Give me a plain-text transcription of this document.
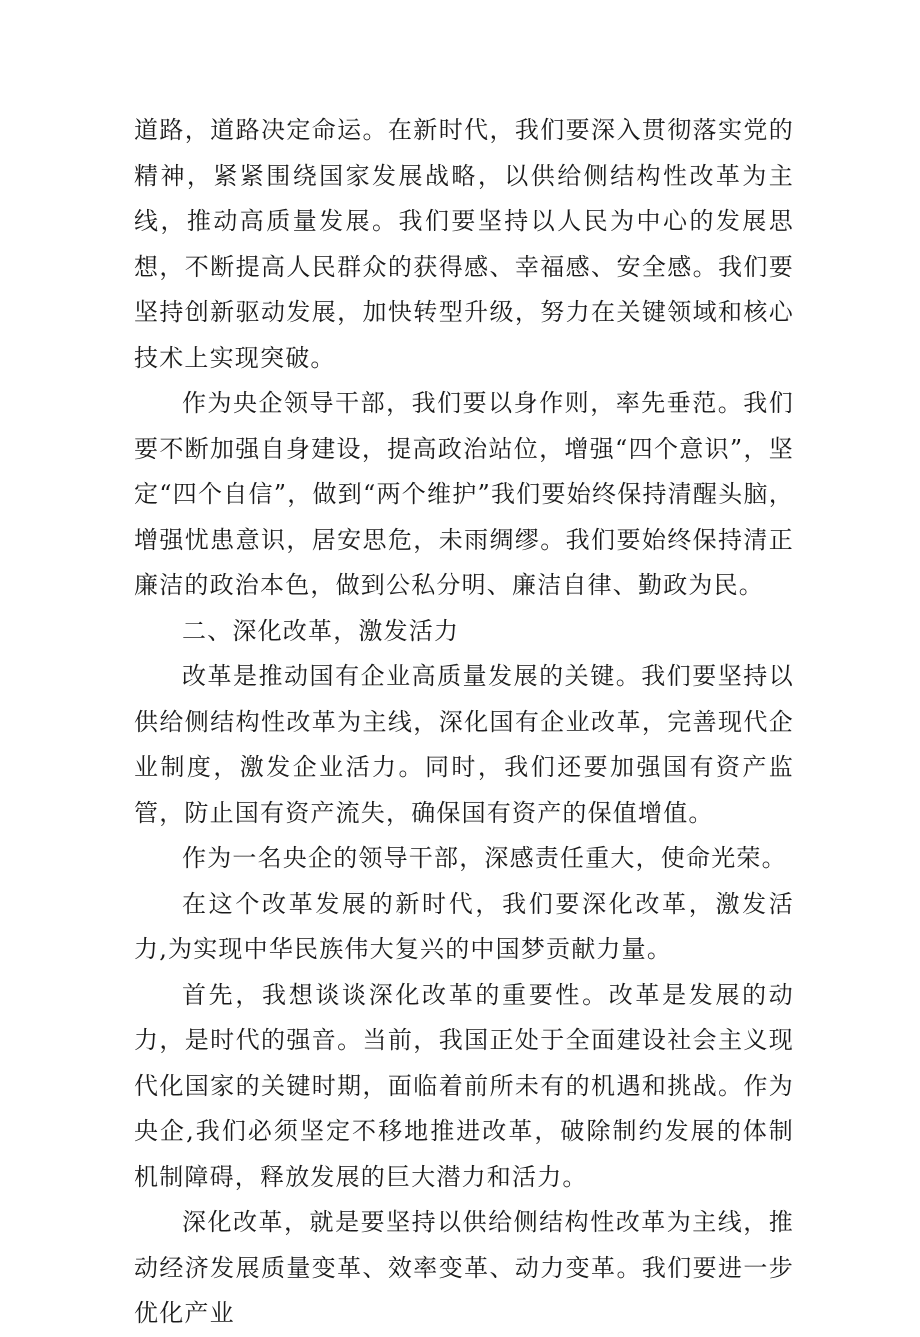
道路，道路决定命运。在新时代，我们要深入贯彻落实党的精神，紧紧围绕国家发展战略，以供给侧结构性改革为主线，推动高质量发展。我们要坚持以人民为中心的发展思想，不断提高人民群众的获得感、幸福感、安全感。我们要坚持创新驱动发展，加快转型升级，努力在关键领域和核心技术上实现突破。

作为央企领导干部，我们要以身作则，率先垂范。我们要不断加强自身建设，提高政治站位，增强“四个意识”，坚定“四个自信”，做到“两个维护”我们要始终保持清醒头脑，增强忧患意识，居安思危，未雨绸缪。我们要始终保持清正廉洁的政治本色，做到公私分明、廉洁自律、勤政为民。

二、深化改革，激发活力

改革是推动国有企业高质量发展的关键。我们要坚持以供给侧结构性改革为主线，深化国有企业改革，完善现代企业制度，激发企业活力。同时，我们还要加强国有资产监管，防止国有资产流失，确保国有资产的保值增值。

作为一名央企的领导干部，深感责任重大，使命光荣。

在这个改革发展的新时代，我们要深化改革，激发活力,为实现中华民族伟大复兴的中国梦贡献力量。

首先，我想谈谈深化改革的重要性。改革是发展的动力，是时代的强音。当前，我国正处于全面建设社会主义现代化国家的关键时期，面临着前所未有的机遇和挑战。作为央企,我们必须坚定不移地推进改革，破除制约发展的体制机制障碍，释放发展的巨大潜力和活力。

深化改革，就是要坚持以供给侧结构性改革为主线，推动经济发展质量变革、效率变革、动力变革。我们要进一步优化产业
